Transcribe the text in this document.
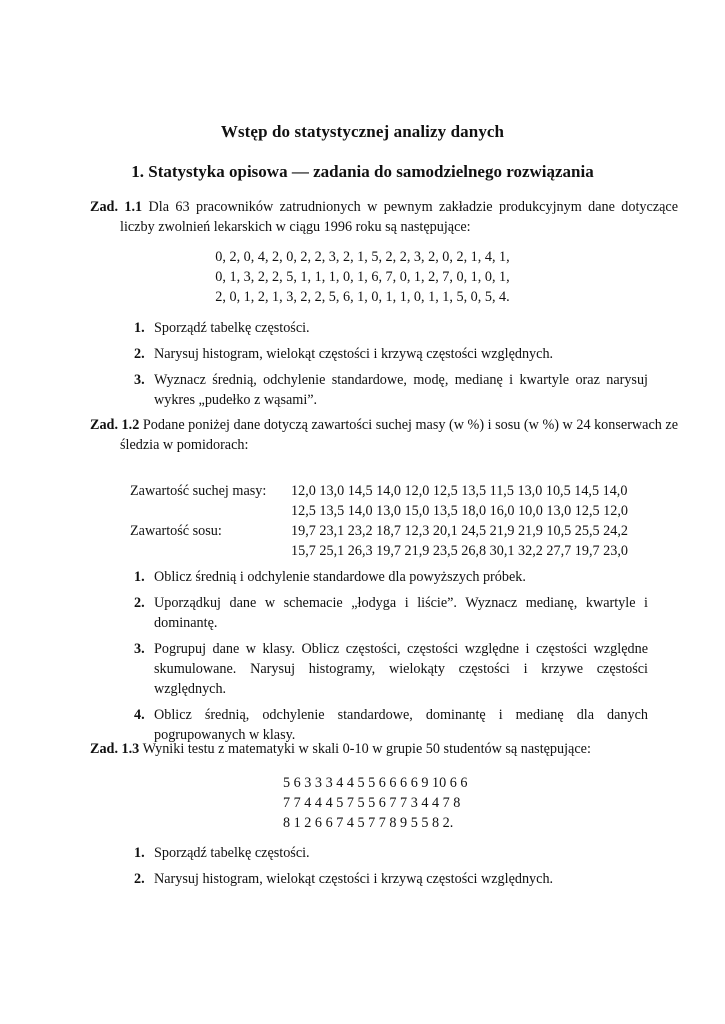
Wstęp do statystycznej analizy danych
1. Statystyka opisowa — zadania do samodzielnego rozwiązania
Zad. 1.1 Dla 63 pracowników zatrudnionych w pewnym zakładzie produkcyjnym dane dotyczące liczby zwolnień lekarskich w ciągu 1996 roku są następujące:
0, 2, 0, 4, 2, 0, 2, 2, 3, 2, 1, 5, 2, 2, 3, 2, 0, 2, 1, 4, 1,
0, 1, 3, 2, 2, 5, 1, 1, 1, 0, 1, 6, 7, 0, 1, 2, 7, 0, 1, 0, 1,
2, 0, 1, 2, 1, 3, 2, 2, 5, 6, 1, 0, 1, 1, 0, 1, 1, 5, 0, 5, 4.
1. Sporządź tabelkę częstości.
2. Narysuj histogram, wielokąt częstości i krzywą częstości względnych.
3. Wyznacz średnią, odchylenie standardowe, modę, medianę i kwartyle oraz narysuj wykres „pudełko z wąsami”.
Zad. 1.2 Podane poniżej dane dotyczą zawartości suchej masy (w %) i sosu (w %) w 24 konserwach ze śledzia w pomidorach:
Zawartość suchej masy: 12,0 13,0 14,5 14,0 12,0 12,5 13,5 11,5 13,0 10,5 14,5 14,0
12,5 13,5 14,0 13,0 15,0 13,5 18,0 16,0 10,0 13,0 12,5 12,0
Zawartość sosu:	19,7 23,1 23,2 18,7 12,3 20,1 24,5 21,9 21,9 10,5 25,5 24,2
15,7 25,1 26,3 19,7 21,9 23,5 26,8 30,1 32,2 27,7 19,7 23,0
1. Oblicz średnią i odchylenie standardowe dla powyższych próbek.
2. Uporządkuj dane w schemacie „łodyga i liście”. Wyznacz medianę, kwartyle i dominantę.
3. Pogrupuj dane w klasy. Oblicz częstości, częstości względne i częstości względne skumulowane. Narysuj histogramy, wielokąty częstości i krzywe częstości względnych.
4. Oblicz średnią, odchylenie standardowe, dominantę i medianę dla danych pogrupowanych w klasy.
Zad. 1.3 Wyniki testu z matematyki w skali 0-10 w grupie 50 studentów są następujące:
5 6 3 3 3 4 4 5 5 6 6 6 6 9 10 6 6
7 7 4 4 4 5 7 5 5 6 7 7 3 4 4 7 8
8 1 2 6 6 7 4 5 7 7 8 9 5 5 8 2.
1. Sporządź tabelkę częstości.
2. Narysuj histogram, wielokąt częstości i krzywą częstości względnych.
